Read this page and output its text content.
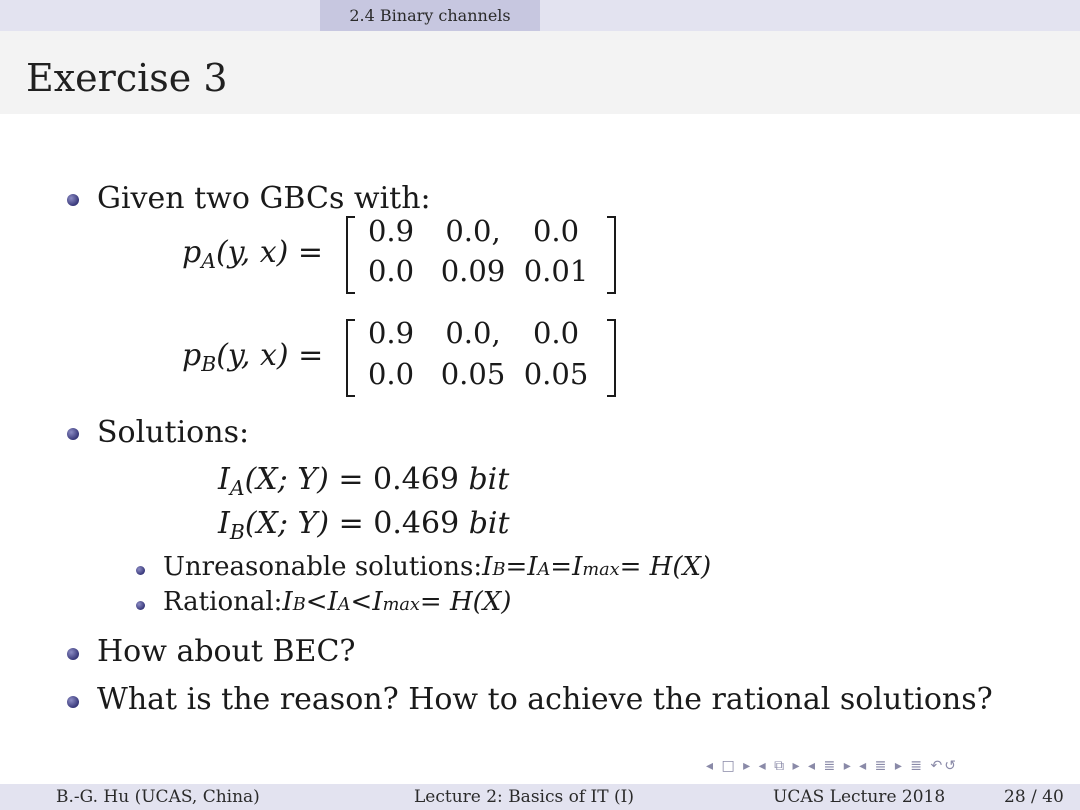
2.4 Binary channels
Exercise 3
Given two GBCs with:
$p_A(y$, x) =
0.9	0.0,	0.0
0.0 0.09 0.01
$p_B(y$, x) =
0.9	0.0,	0.0
0.0 0.05 0.05
Solutions:
$I_A(X$; Y) = 0.469 bit
$I_B(X$; Y) = 0.469 bit
Unreasonable solutions: I B = I A = I max = H(X)
Rational: I B < I A < I max = H(X)
How about BEC?
What is the reason? How to achieve the rational solutions?
◂ □ ▸ ◂ ⧉ ▸ ◂ ≣ ▸ ◂ ≣ ▸ ≣ ↶↺
B.-G. Hu (UCAS, China)	Lecture 2: Basics of IT (I)	UCAS Lecture 2018	28 / 40
